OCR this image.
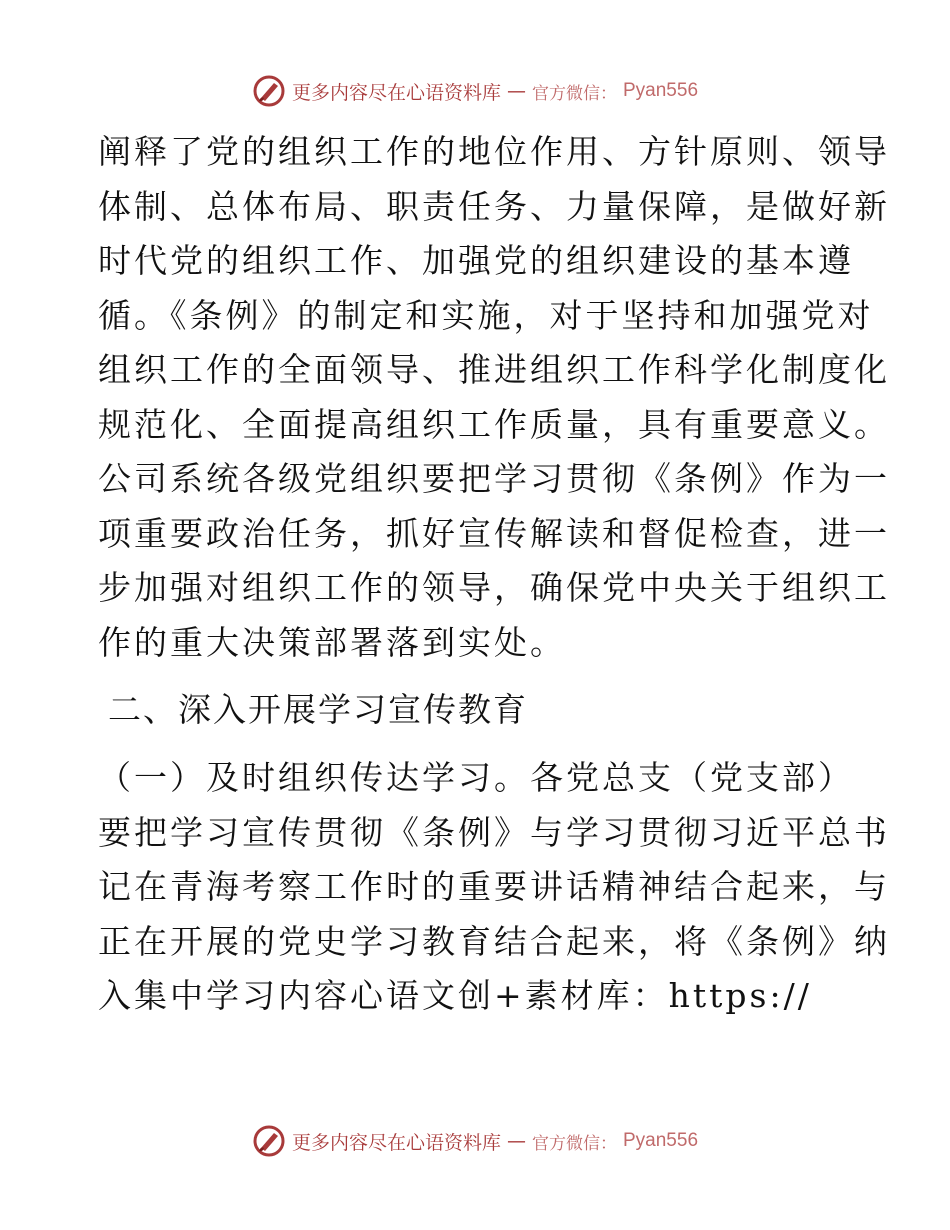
更多内容尽在心语资料库 — 官方微信： Pyan556
阐释了党的组织工作的地位作用、方针原则、领导
体制、总体布局、职责任务、力量保障，是做好新
时代党的组织工作、加强党的组织建设的基本遵
循。《条例》的制定和实施，对于坚持和加强党对
组织工作的全面领导、推进组织工作科学化制度化
规范化、全面提高组织工作质量，具有重要意义。
公司系统各级党组织要把学习贯彻《条例》作为一
项重要政治任务，抓好宣传解读和督促检查，进一
步加强对组织工作的领导，确保党中央关于组织工
作的重大决策部署落到实处。
二、深入开展学习宣传教育
（一）及时组织传达学习。各党总支（党支部）
要把学习宣传贯彻《条例》与学习贯彻习近平总书
记在青海考察工作时的重要讲话精神结合起来，与
正在开展的党史学习教育结合起来，将《条例》纳
入集中学习内容心语文创+素材库：https://
更多内容尽在心语资料库 — 官方微信： Pyan556
